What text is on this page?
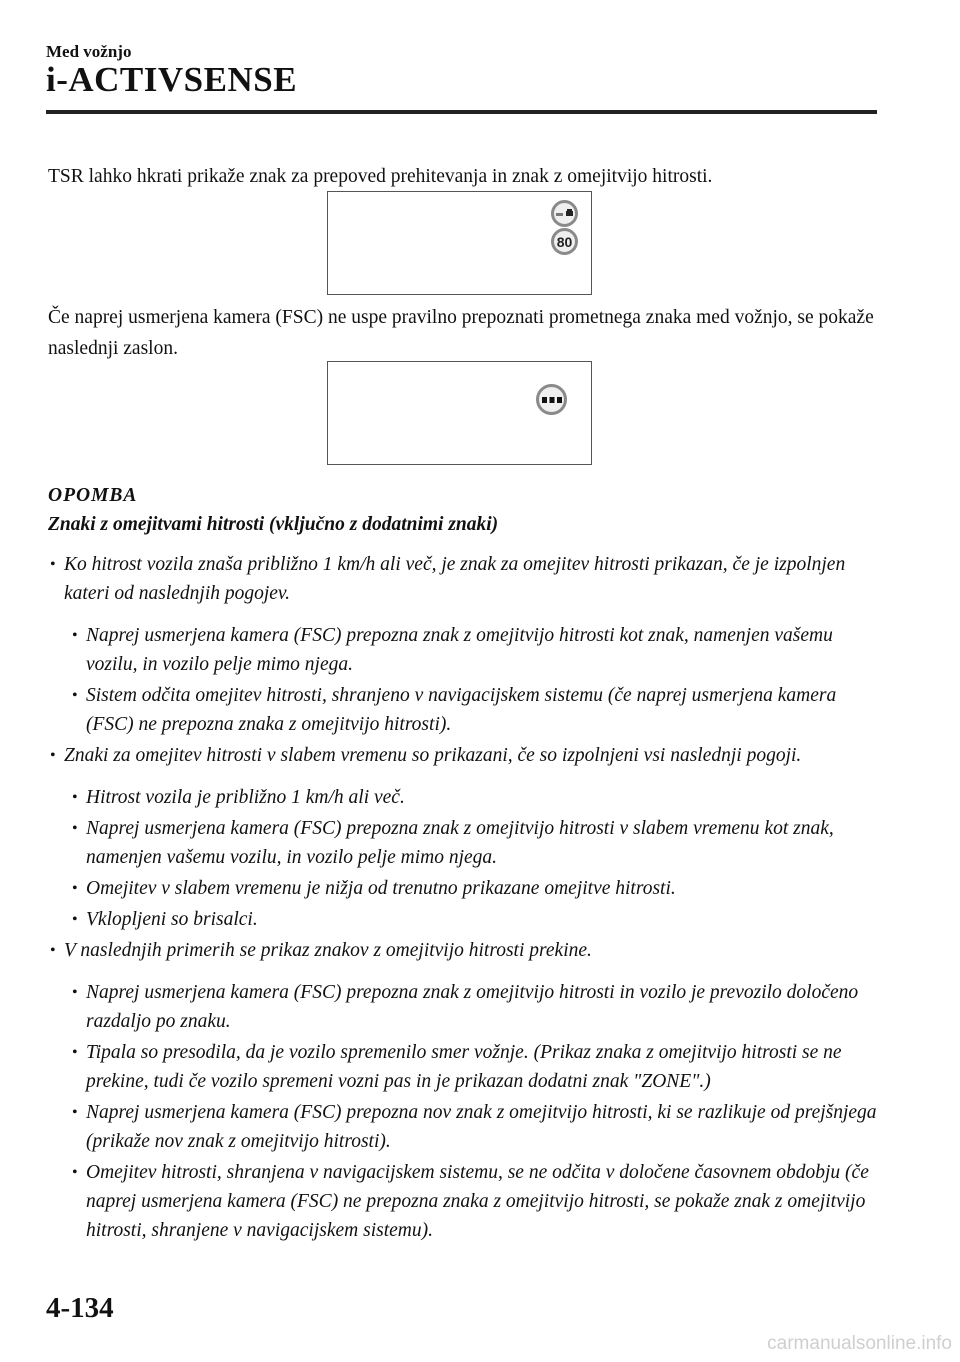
Med vožnjo
i-ACTIVSENSE
TSR lahko hkrati prikaže znak za prepoved prehitevanja in znak z omejitvijo hitrosti.
80
Če naprej usmerjena kamera (FSC) ne uspe pravilno prepoznati prometnega znaka med vožnjo, se pokaže naslednji zaslon.
OPOMBA
Znaki z omejitvami hitrosti (vključno z dodatnimi znaki)
• Ko hitrost vozila znaša približno 1 km/h ali več, je znak za omejitev hitrosti prikazan, če je izpolnjen kateri od naslednjih pogojev.
• Naprej usmerjena kamera (FSC) prepozna znak z omejitvijo hitrosti kot znak, namenjen vašemu vozilu, in vozilo pelje mimo njega.
• Sistem odčita omejitev hitrosti, shranjeno v navigacijskem sistemu (če naprej usmerjena kamera (FSC) ne prepozna znaka z omejitvijo hitrosti).
• Znaki za omejitev hitrosti v slabem vremenu so prikazani, če so izpolnjeni vsi naslednji pogoji.
• Hitrost vozila je približno 1 km/h ali več.
• Naprej usmerjena kamera (FSC) prepozna znak z omejitvijo hitrosti v slabem vremenu kot znak, namenjen vašemu vozilu, in vozilo pelje mimo njega.
• Omejitev v slabem vremenu je nižja od trenutno prikazane omejitve hitrosti.
• Vklopljeni so brisalci.
• V naslednjih primerih se prikaz znakov z omejitvijo hitrosti prekine.
• Naprej usmerjena kamera (FSC) prepozna znak z omejitvijo hitrosti in vozilo je prevozilo določeno razdaljo po znaku.
• Tipala so presodila, da je vozilo spremenilo smer vožnje. (Prikaz znaka z omejitvijo hitrosti se ne prekine, tudi če vozilo spremeni vozni pas in je prikazan dodatni znak "ZONE".)
• Naprej usmerjena kamera (FSC) prepozna nov znak z omejitvijo hitrosti, ki se razlikuje od prejšnjega (prikaže nov znak z omejitvijo hitrosti).
• Omejitev hitrosti, shranjena v navigacijskem sistemu, se ne odčita v določene časovnem obdobju (če naprej usmerjena kamera (FSC) ne prepozna znaka z omejitvijo hitrosti, se pokaže znak z omejitvijo hitrosti, shranjene v navigacijskem sistemu).
4-134
carmanualsonline.info
